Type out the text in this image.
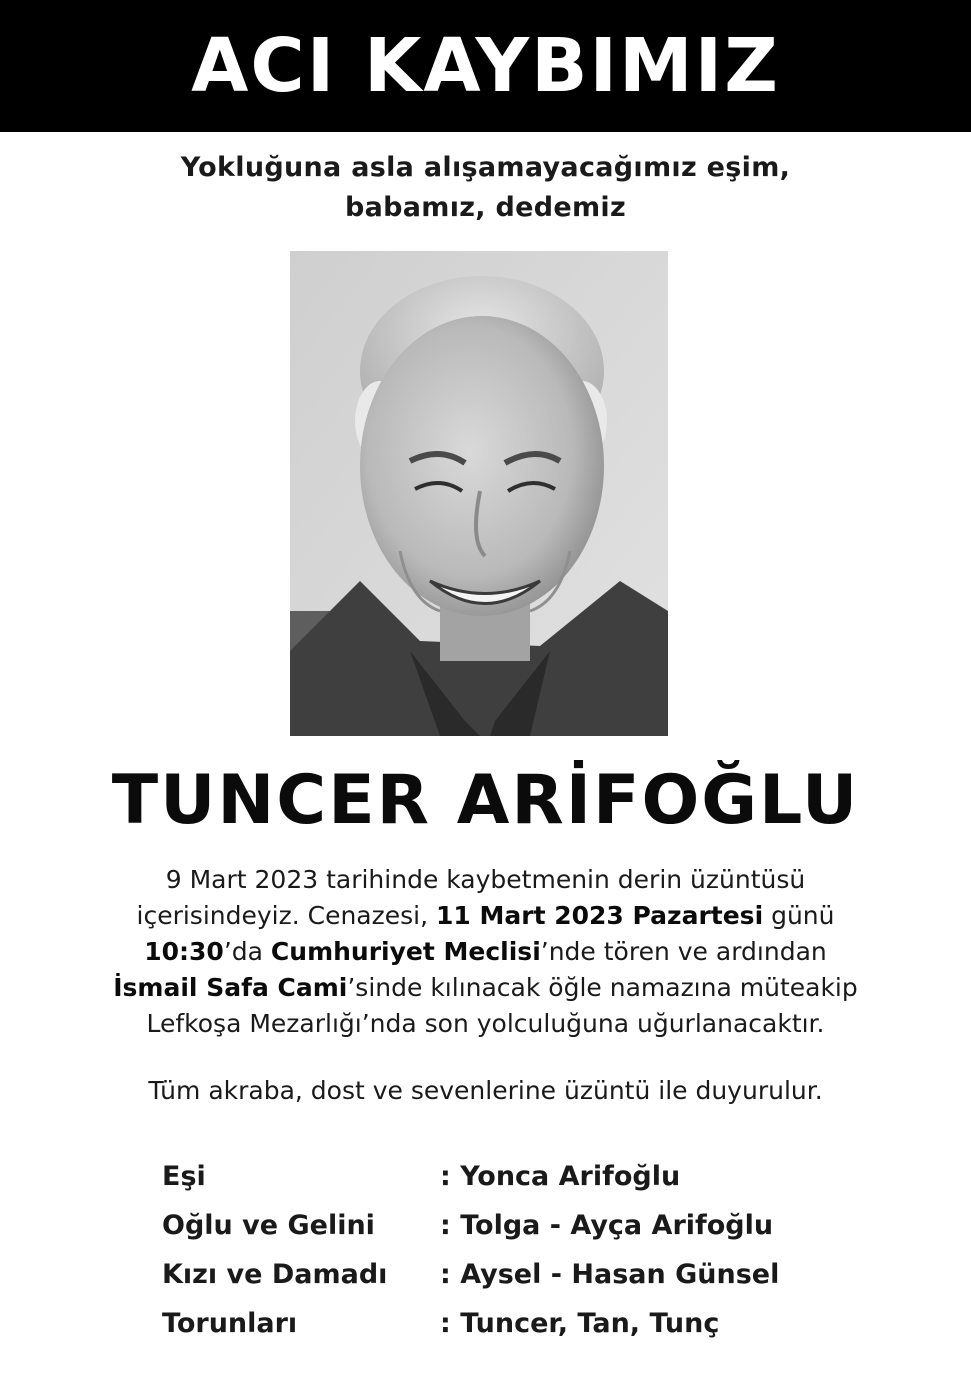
ACI KAYBIMIZ
Yokluğuna asla alışamayacağımız eşim,
babamız, dedemiz
TUNCER ARİFOĞLU
9 Mart 2023 tarihinde kaybetmenin derin üzüntüsü
içerisindeyiz. Cenazesi, 11 Mart 2023 Pazartesi günü
10:30’da Cumhuriyet Meclisi’nde tören ve ardından
İsmail Safa Cami’sinde kılınacak öğle namazına müteakip
Lefkoşa Mezarlığı’nda son yolculuğuna uğurlanacaktır.
Tüm akraba, dost ve sevenlerine üzüntü ile duyurulur.
Eşi	: Yonca Arifoğlu
Oğlu ve Gelini	: Tolga - Ayça Arifoğlu
Kızı ve Damadı	: Aysel - Hasan Günsel
Torunları	: Tuncer, Tan, Tunç
